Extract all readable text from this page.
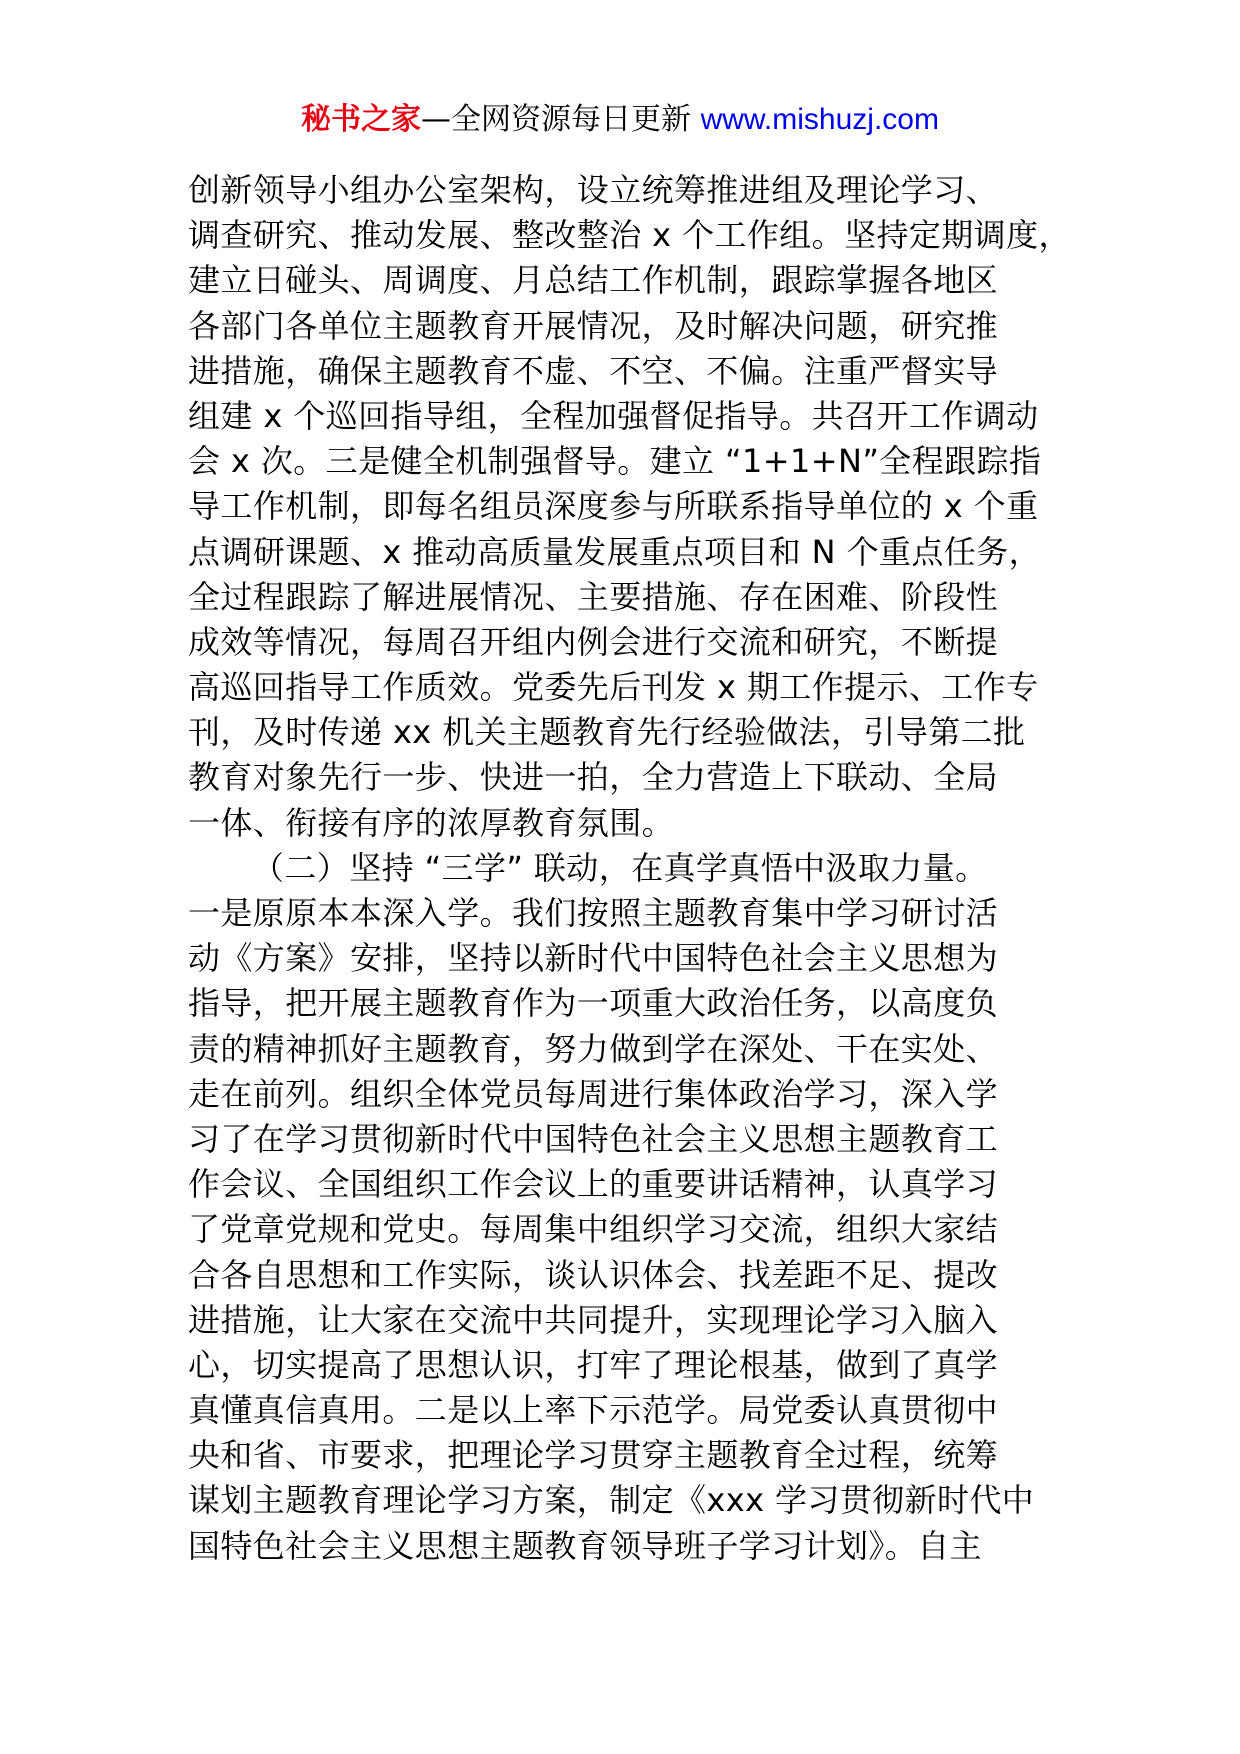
秘书之家—全网资源每日更新 www.mishuzj.com
创新领导小组办公室架构，设立统筹推进组及理论学习、
调查研究、推动发展、整改整治 x 个工作组。坚持定期调度，
建立日碰头、周调度、月总结工作机制，跟踪掌握各地区
各部门各单位主题教育开展情况，及时解决问题，研究推
进措施，确保主题教育不虚、不空、不偏。注重严督实导
组建 x 个巡回指导组，全程加强督促指导。共召开工作调动
会 x 次。三是健全机制强督导。建立 “1+1+N”全程跟踪指
导工作机制，即每名组员深度参与所联系指导单位的 x 个重
点调研课题、x 推动高质量发展重点项目和 N 个重点任务，
全过程跟踪了解进展情况、主要措施、存在困难、阶段性
成效等情况，每周召开组内例会进行交流和研究，不断提
高巡回指导工作质效。党委先后刊发 x 期工作提示、工作专
刊，及时传递 xx 机关主题教育先行经验做法，引导第二批
教育对象先行一步、快进一拍，全力营造上下联动、全局
一体、衔接有序的浓厚教育氛围。
（二）坚持 “三学” 联动，在真学真悟中汲取力量。
一是原原本本深入学。我们按照主题教育集中学习研讨活
动《方案》安排，坚持以新时代中国特色社会主义思想为
指导，把开展主题教育作为一项重大政治任务，以高度负
责的精神抓好主题教育，努力做到学在深处、干在实处、
走在前列。组织全体党员每周进行集体政治学习，深入学
习了在学习贯彻新时代中国特色社会主义思想主题教育工
作会议、全国组织工作会议上的重要讲话精神，认真学习
了党章党规和党史。每周集中组织学习交流，组织大家结
合各自思想和工作实际，谈认识体会、找差距不足、提改
进措施，让大家在交流中共同提升，实现理论学习入脑入
心，切实提高了思想认识，打牢了理论根基，做到了真学
真懂真信真用。二是以上率下示范学。局党委认真贯彻中
央和省、市要求，把理论学习贯穿主题教育全过程，统筹
谋划主题教育理论学习方案，制定《xxx 学习贯彻新时代中
国特色社会主义思想主题教育领导班子学习计划》。自主
